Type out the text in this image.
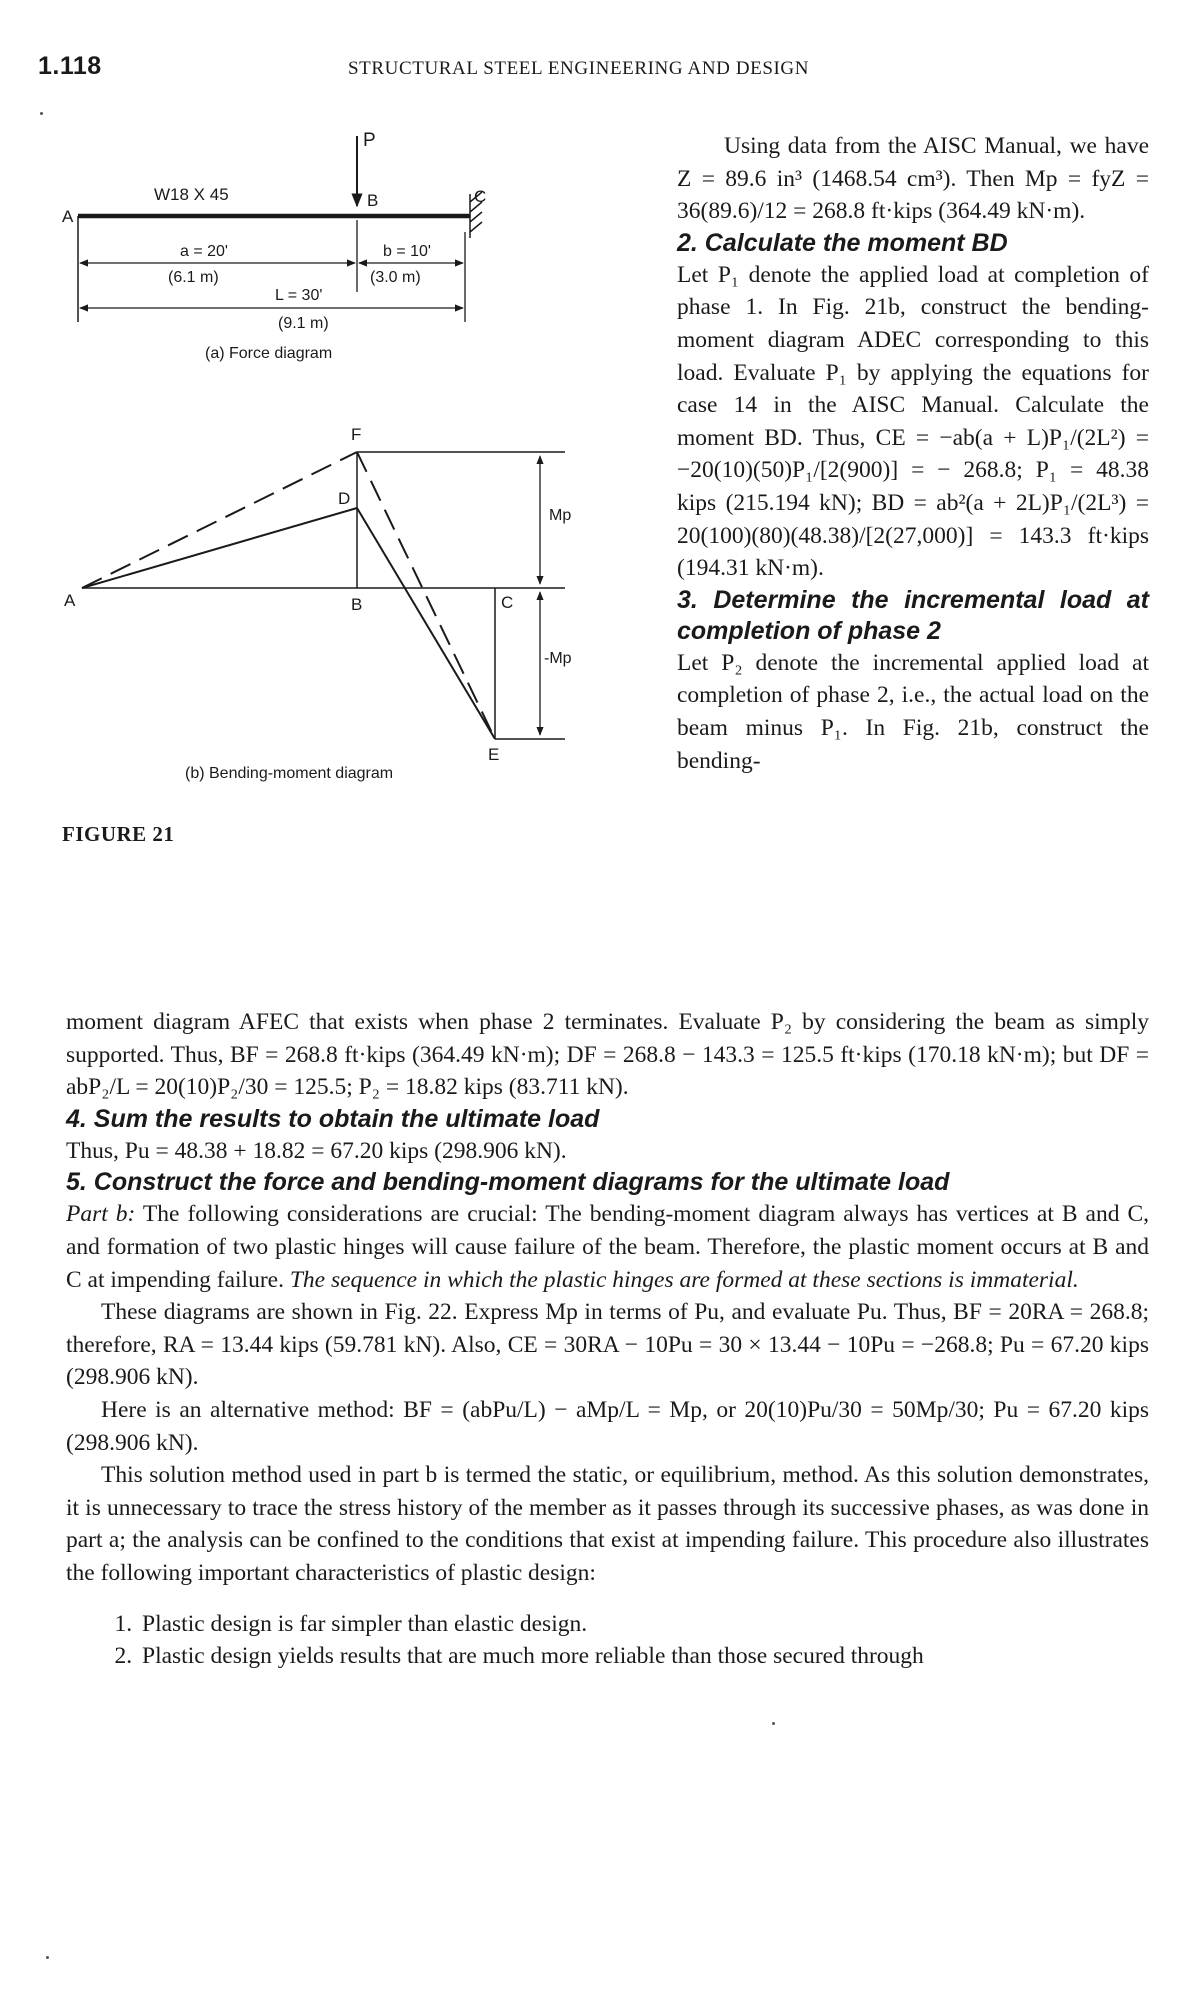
1.118	STRUCTURAL STEEL ENGINEERING AND DESIGN
P
W18 X 45
A
B	C
a = 20'
(6.1 m)
b = 10'
(3.0 m)
L = 30'
(9.1 m)
(a) Force diagram
F
D
A	B	C
E
Mp
-Mp
(b) Bending-moment diagram
FIGURE 21

Using data from the AISC Manual, we have Z = 89.6 in³ (1468.54 cm³). Then Mp = fyZ = 36(89.6)/12 = 268.8 ft·kips (364.49 kN·m).

2. Calculate the moment BD

Let P₁ denote the applied load at completion of phase 1. In Fig. 21b, construct the bending-moment diagram ADEC corresponding to this load. Evaluate P₁ by applying the equations for case 14 in the AISC Manual. Calculate the moment BD. Thus, CE = −ab(a + L)P₁/(2L²) = −20(10)(50)P₁/[2(900)] = − 268.8; P₁ = 48.38 kips (215.194 kN); BD = ab²(a + 2L)P₁/(2L³) = 20(100)(80)(48.38)/[2(27,000)] = 143.3 ft·kips (194.31 kN·m).

3. Determine the incremental load at completion of phase 2

Let P₂ denote the incremental applied load at completion of phase 2, i.e., the actual load on the beam minus P₁. In Fig. 21b, construct the bending-

moment diagram AFEC that exists when phase 2 terminates. Evaluate P₂ by considering the beam as simply supported. Thus, BF = 268.8 ft·kips (364.49 kN·m); DF = 268.8 − 143.3 = 125.5 ft·kips (170.18 kN·m); but DF = abP₂/L = 20(10)P₂/30 = 125.5; P₂ = 18.82 kips (83.711 kN).

4. Sum the results to obtain the ultimate load

Thus, Pu = 48.38 + 18.82 = 67.20 kips (298.906 kN).

5. Construct the force and bending-moment diagrams for the ultimate load

Part b: The following considerations are crucial: The bending-moment diagram always has vertices at B and C, and formation of two plastic hinges will cause failure of the beam. Therefore, the plastic moment occurs at B and C at impending failure. The sequence in which the plastic hinges are formed at these sections is immaterial.

These diagrams are shown in Fig. 22. Express Mp in terms of Pu, and evaluate Pu. Thus, BF = 20RA = 268.8; therefore, RA = 13.44 kips (59.781 kN). Also, CE = 30RA − 10Pu = 30 × 13.44 − 10Pu = −268.8; Pu = 67.20 kips (298.906 kN).

Here is an alternative method: BF = (abPu/L) − aMp/L = Mp, or 20(10)Pu/30 = 50Mp/30; Pu = 67.20 kips (298.906 kN).

This solution method used in part b is termed the static, or equilibrium, method. As this solution demonstrates, it is unnecessary to trace the stress history of the member as it passes through its successive phases, as was done in part a; the analysis can be confined to the conditions that exist at impending failure. This procedure also illustrates the following important characteristics of plastic design:

1. Plastic design is far simpler than elastic design.
2. Plastic design yields results that are much more reliable than those secured through
